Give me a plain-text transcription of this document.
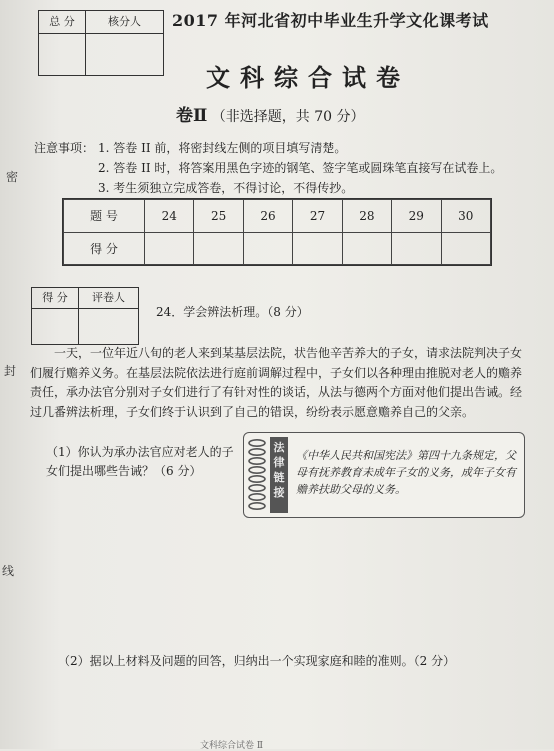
总 分	核分人	2017 年河北省初中毕业生升学文化课考试
文科综合试卷
卷Ⅱ （非选择题，共 70 分）
密
封
线
注意事项： 1. 答卷 II 前，将密封线左侧的项目填写清楚。
2. 答卷 II 时，将答案用黑色字迹的钢笔、签字笔或圆珠笔直接写在试卷上。
3. 考生须独立完成答卷，不得讨论，不得传抄。
题 号	24	25	26	27	28	29	30
得 分							
得 分	评卷人
24．学会辨法析理。（8 分）

一天，一位年近八旬的老人来到某基层法院，状告他辛苦养大的子女，请求法院判决子女们履行赡养义务。在基层法院依法进行庭前调解过程中，子女们以各种理由推脱对老人的赡养责任，承办法官分别对子女们进行了有针对性的谈话，从法与德两个方面对他们提出告诫。经过几番辨法析理，子女们终于认识到了自己的错误，纷纷表示愿意赡养自己的父亲。

（1）你认为承办法官应对老人的子女们提出哪些告诫？（6 分）
法律链接
《中华人民共和国宪法》第四十九条规定，父母有抚养教育未成年子女的义务，成年子女有赡养扶助父母的义务。
（2）据以上材料及问题的回答，归纳出一个实现家庭和睦的准则。（2 分）
文科综合试卷 Ⅱ
